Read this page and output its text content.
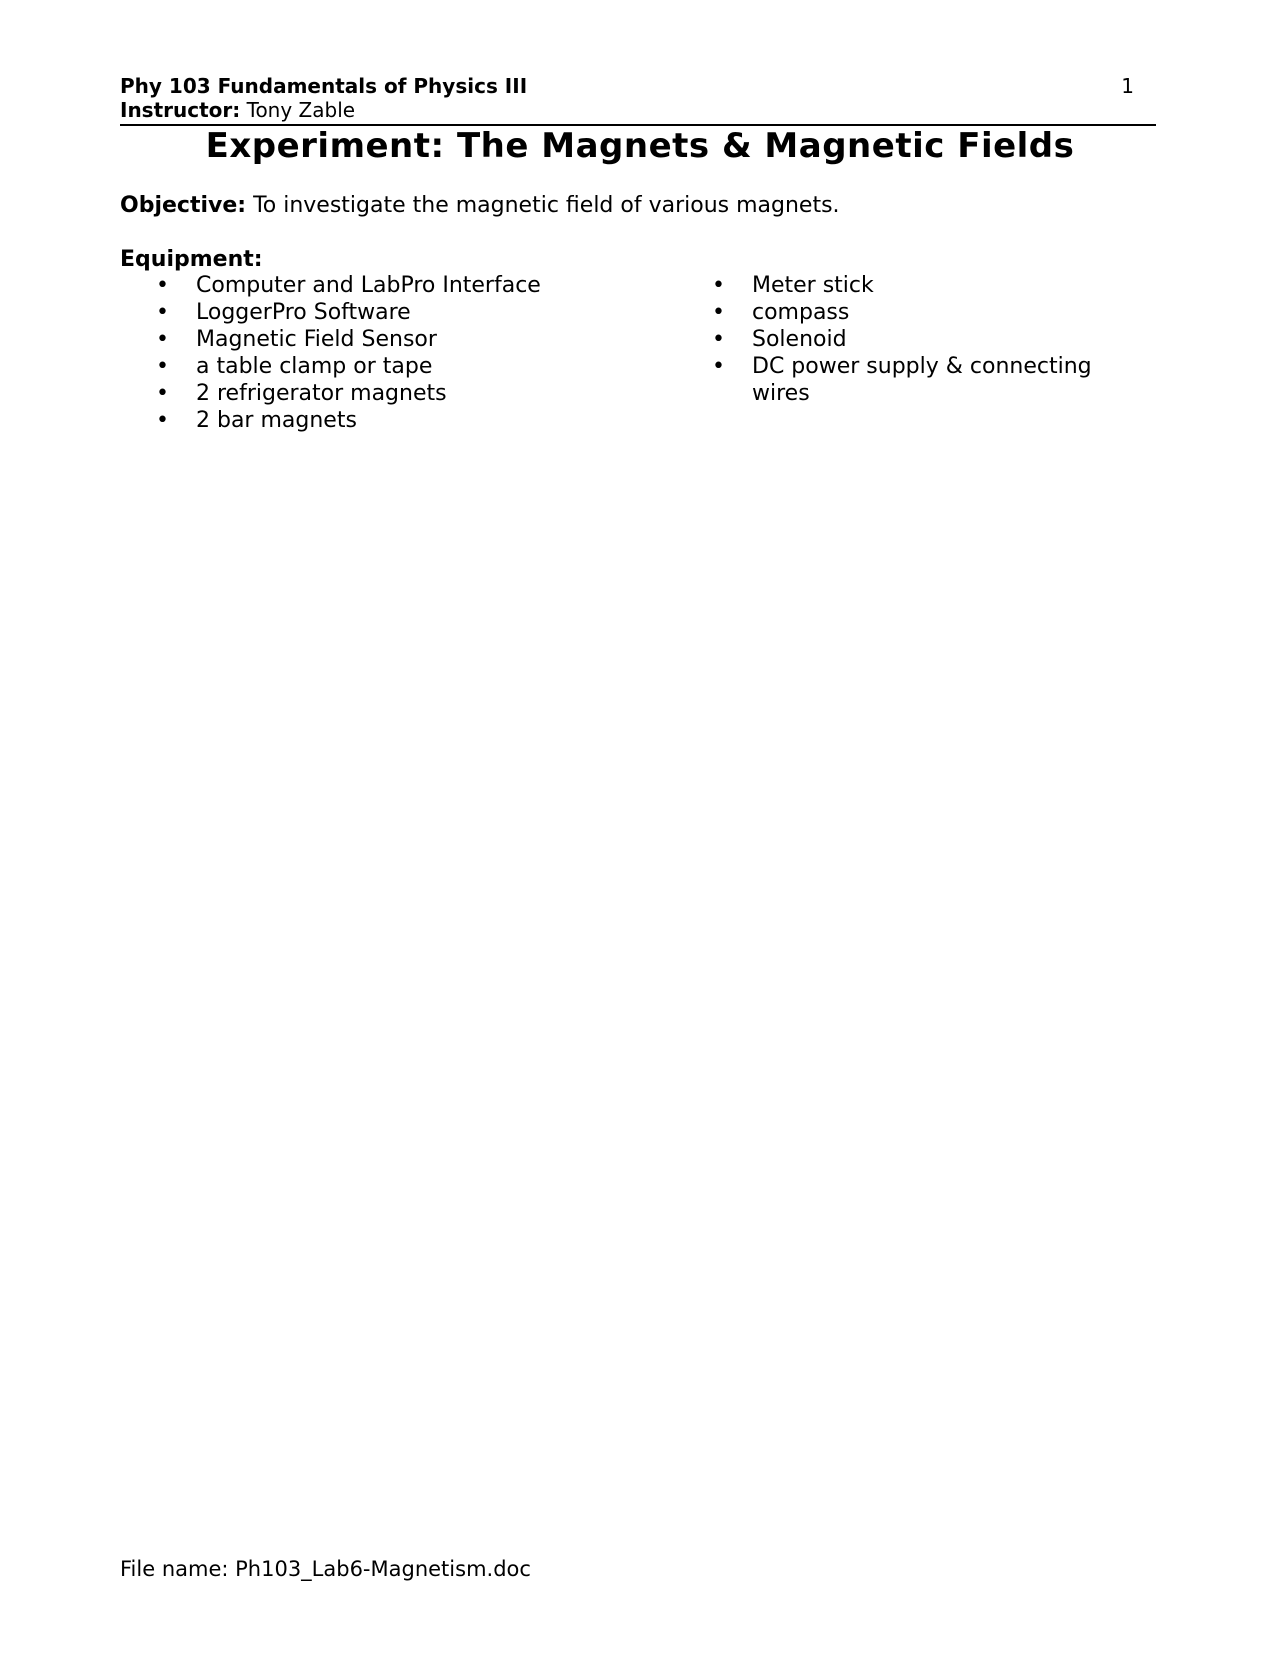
Phy 103 Fundamentals of Physics III
Instructor: Tony Zable
1
Experiment: The Magnets & Magnetic Fields
Objective: To investigate the magnetic field of various magnets.
Equipment:
• Computer and LabPro Interface
• LoggerPro Software
• Magnetic Field Sensor
• a table clamp or tape
• 2 refrigerator magnets
• 2 bar magnets
• Meter stick
• compass
• Solenoid
• DC power supply & connecting wires
File name: Ph103_Lab6-Magnetism.doc
